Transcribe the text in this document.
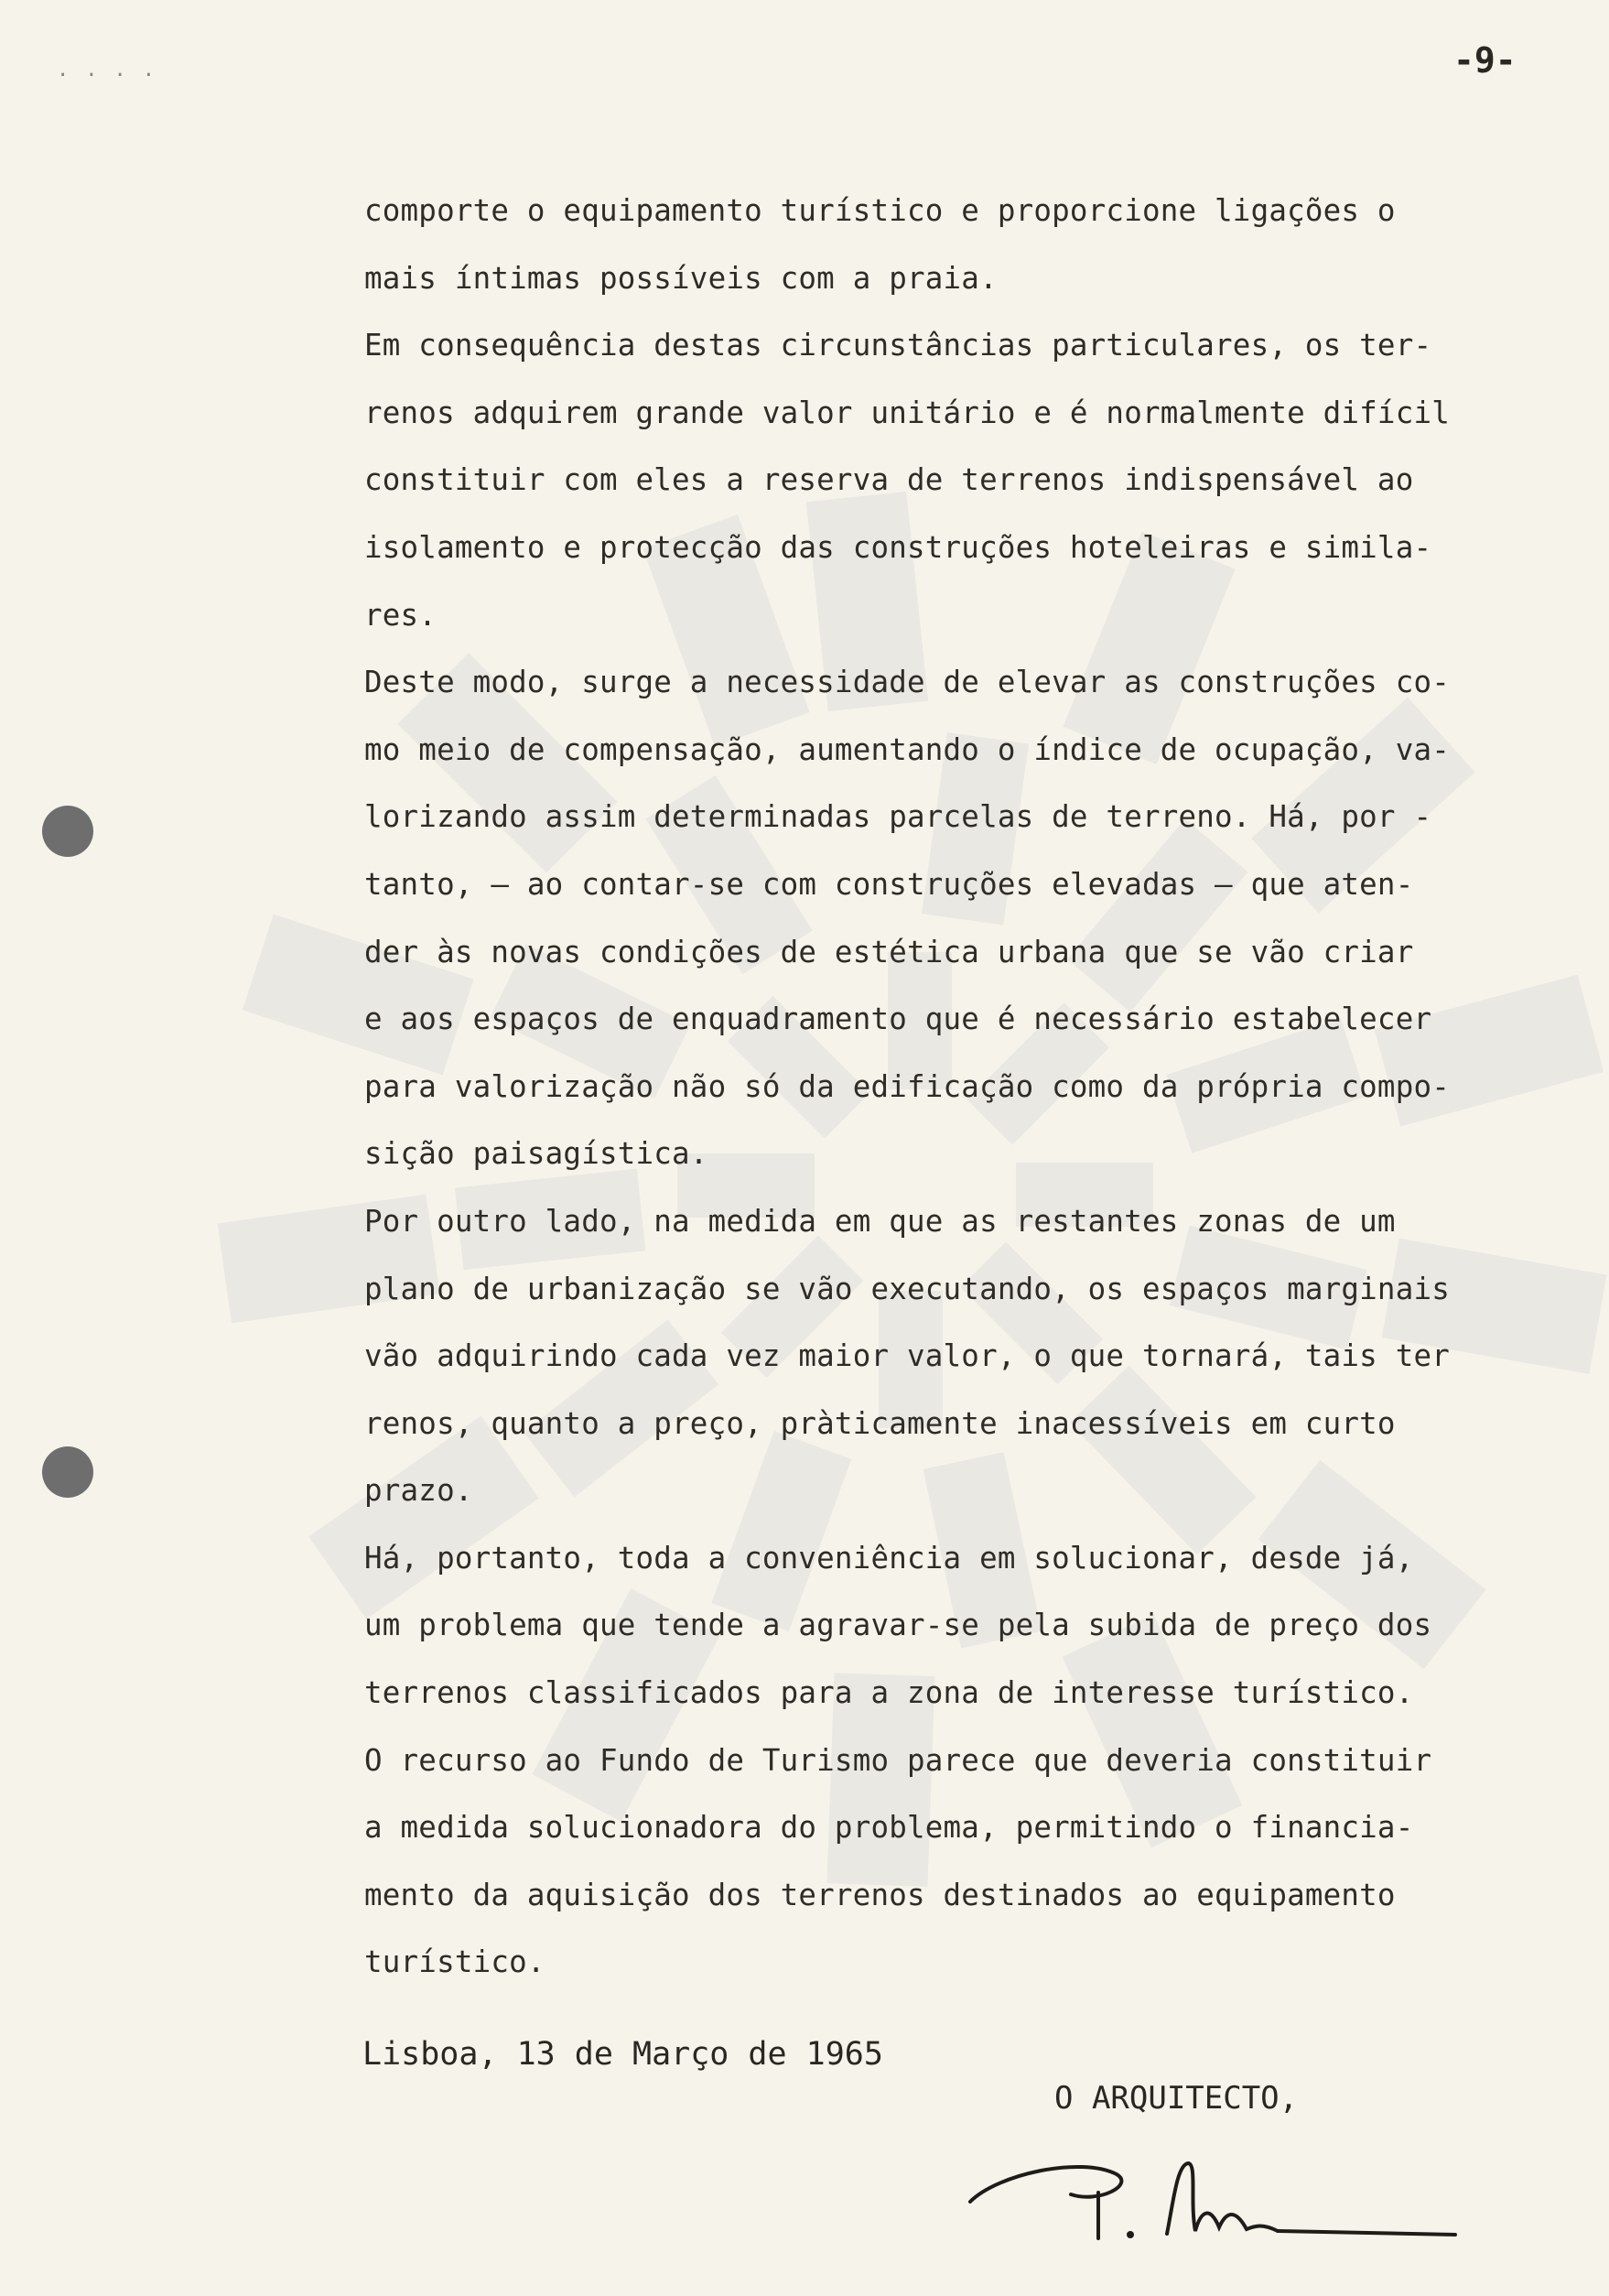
....	-9-
comporte o equipamento turístico e proporcione ligações o
mais íntimas possíveis com a praia.
Em consequência destas circunstâncias particulares, os ter-
renos adquirem grande valor unitário e é normalmente difícil
constituir com eles a reserva de terrenos indispensável ao
isolamento e protecção das construções hoteleiras e simila-
res.
Deste modo, surge a necessidade de elevar as construções co-
mo meio de compensação, aumentando o índice de ocupação, va-
lorizando assim determinadas parcelas de terreno. Há, por -
tanto, — ao contar-se com construções elevadas — que aten-
der às novas condições de estética urbana que se vão criar
e aos espaços de enquadramento que é necessário estabelecer
para valorização não só da edificação como da própria compo-
sição paisagística.
Por outro lado, na medida em que as restantes zonas de um
plano de urbanização se vão executando, os espaços marginais
vão adquirindo cada vez maior valor, o que tornará, tais ter
renos, quanto a preço, pràticamente inacessíveis em curto
prazo.
Há, portanto, toda a conveniência em solucionar, desde já,
um problema que tende a agravar-se pela subida de preço dos
terrenos classificados para a zona de interesse turístico.
O recurso ao Fundo de Turismo parece que deveria constituir
a medida solucionadora do problema, permitindo o financia-
mento da aquisição dos terrenos destinados ao equipamento
turístico.
Lisboa, 13 de Março de 1965
O ARQUITECTO,
